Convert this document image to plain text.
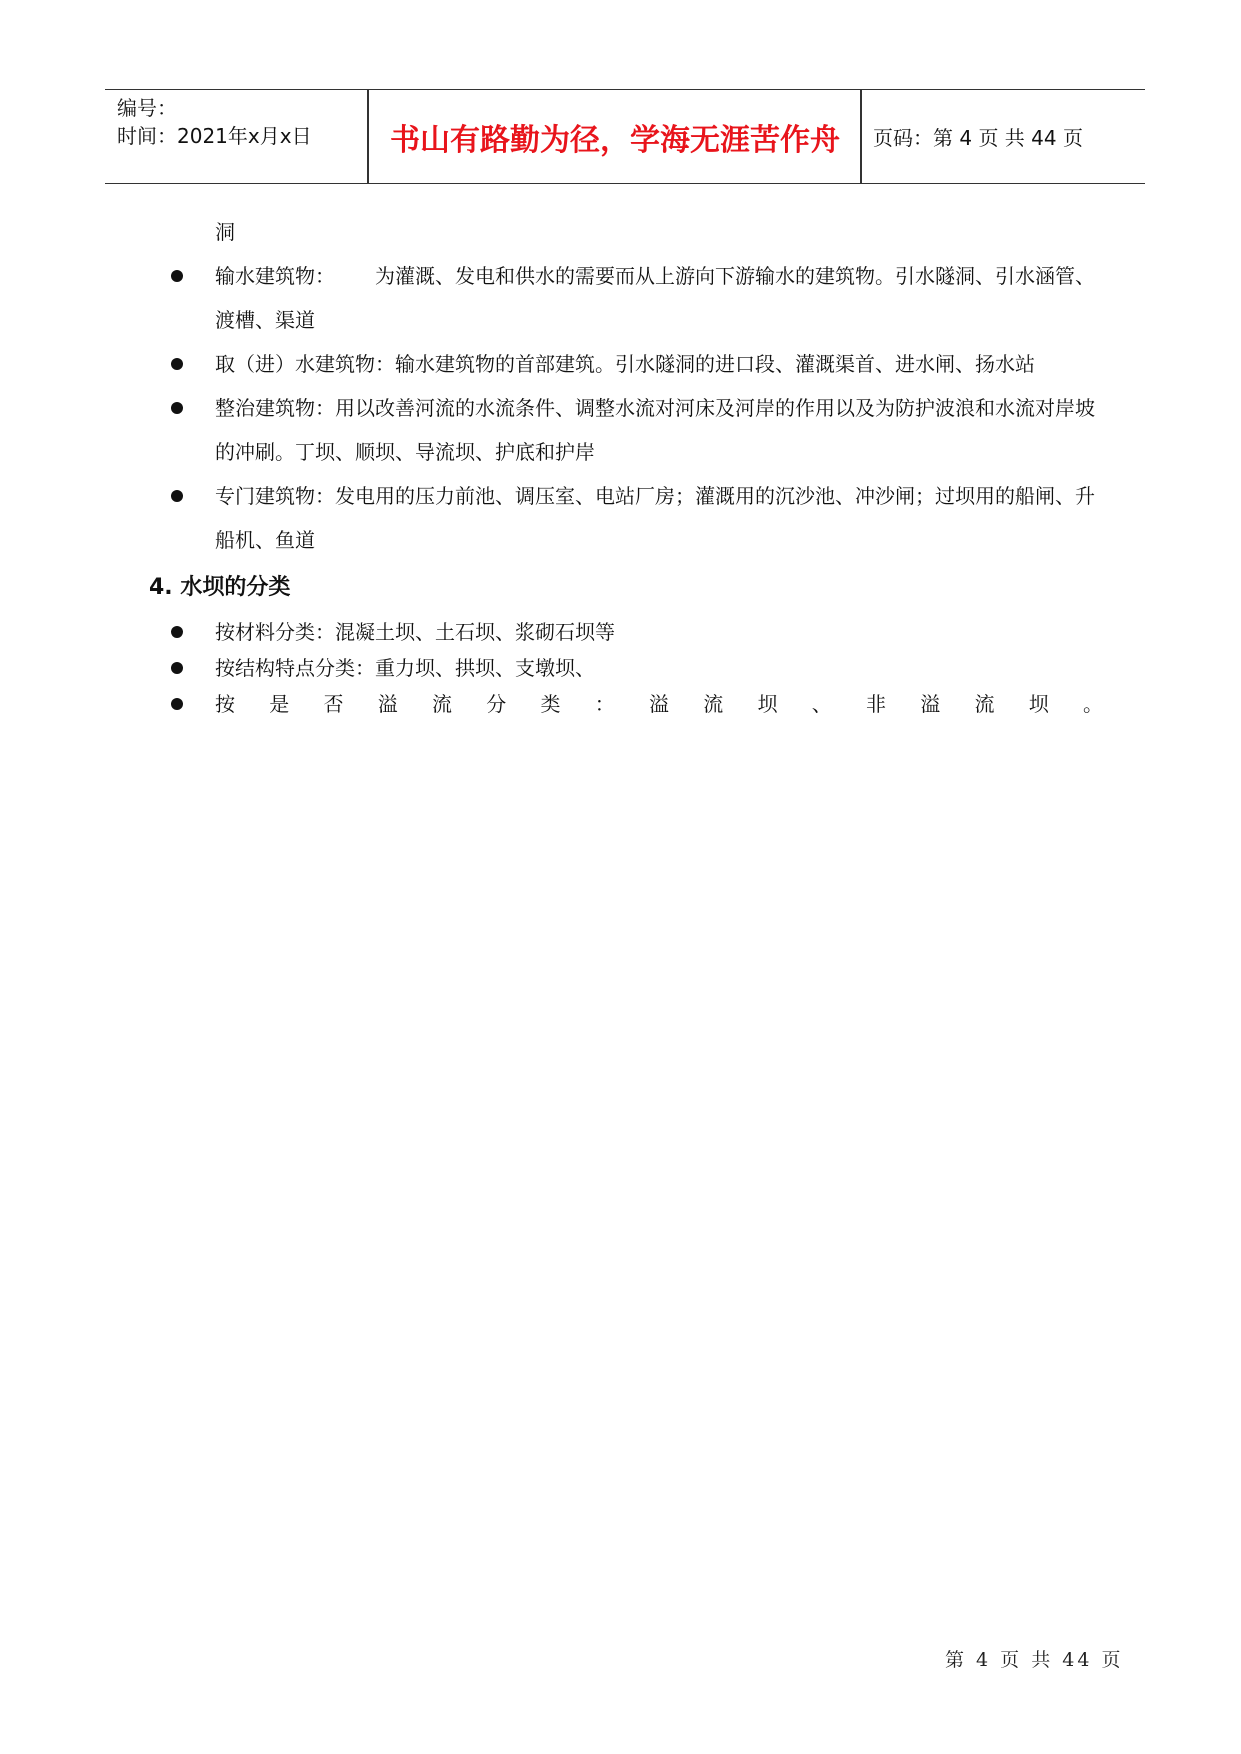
编号：
时间：2021年x月x日	书山有路勤为径，学海无涯苦作舟	页码：第 4 页 共 44 页
洞
输水建筑物： 为灌溉、发电和供水的需要而从上游向下游输水的建筑物。引水隧洞、引水涵管、渡槽、渠道
取（进）水建筑物：输水建筑物的首部建筑。引水隧洞的进口段、灌溉渠首、进水闸、扬水站
整治建筑物：用以改善河流的水流条件、调整水流对河床及河岸的作用以及为防护波浪和水流对岸坡的冲刷。丁坝、顺坝、导流坝、护底和护岸
专门建筑物：发电用的压力前池、调压室、电站厂房；灌溉用的沉沙池、冲沙闸；过坝用的船闸、升船机、鱼道
4. 水坝的分类
按材料分类：混凝土坝、土石坝、浆砌石坝等
按结构特点分类：重力坝、拱坝、支墩坝、
按 是 否 溢 流 分 类 ： 溢 流 坝 、 非 溢 流 坝 。
第 4 页 共 44 页
